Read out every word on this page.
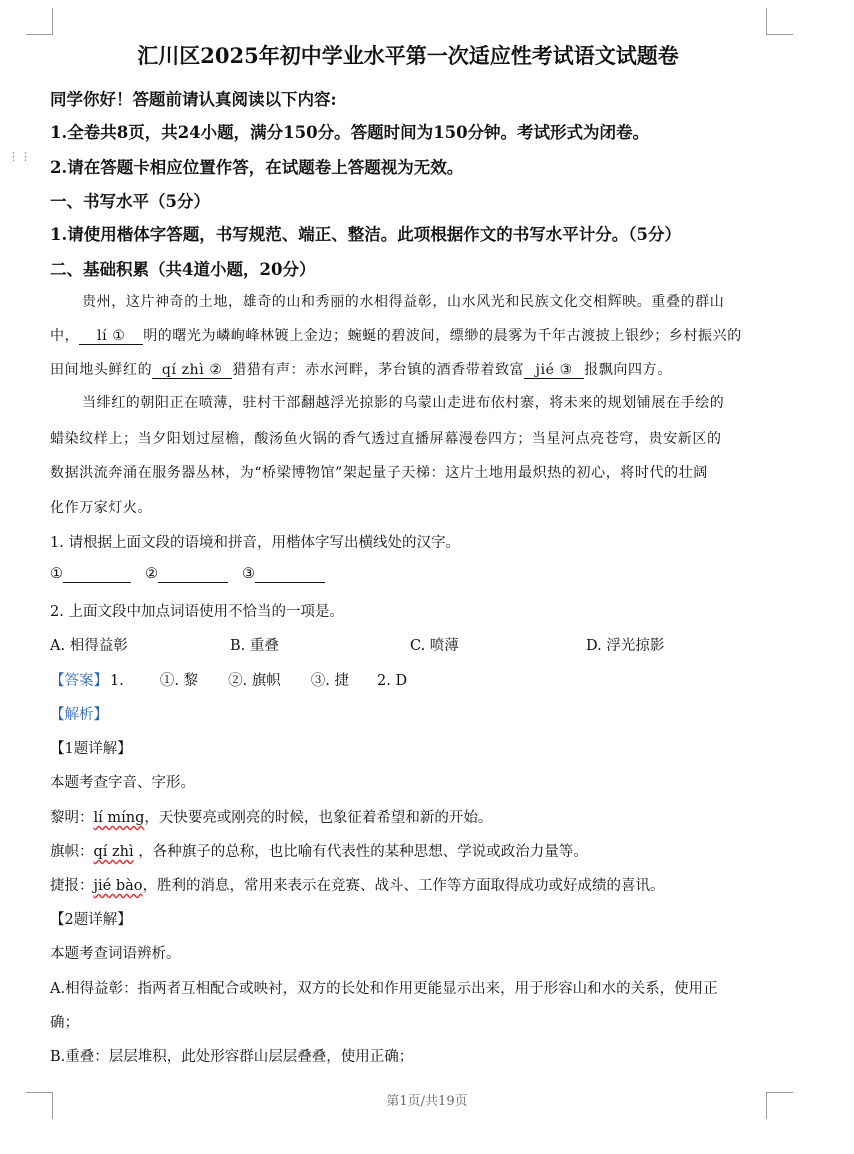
⋮⋮
汇川区2025年初中学业水平第一次适应性考试语文试题卷
同学你好！答题前请认真阅读以下内容:
1.全卷共8页，共24小题，满分150分。答题时间为150分钟。考试形式为闭卷。
2.请在答题卡相应位置作答，在试题卷上答题视为无效。
一、书写水平（5分）
1.请使用楷体字答题，书写规范、端正、整洁。此项根据作文的书写水平计分。（5分）
二、基础积累（共4道小题，20分）
贵州，这片神奇的土地，雄奇的山和秀丽的水相得益彰，山水风光和民族文化交相辉映。重叠的群山
中， lí ① 明的曙光为嶙峋峰林镀上金边；蜿蜒的碧波间，缥缈的晨雾为千年古渡披上银纱；乡村振兴的
田间地头鲜红的 qí zhì ② 猎猎有声：赤水河畔，茅台镇的酒香带着致富 jié ③ 报飘向四方。
当绯红的朝阳正在喷薄，驻村干部翻越浮光掠影的乌蒙山走进布依村寨，将未来的规划铺展在手绘的
蜡染纹样上；当夕阳划过屋檐，酸汤鱼火锅的香气透过直播屏幕漫卷四方；当星河点亮苍穹，贵安新区的
数据洪流奔涌在服务器丛林，为“桥梁博物馆”架起量子天梯：这片土地用最炽热的初心，将时代的壮阔
化作万家灯火。
1. 请根据上面文段的语境和拼音，用楷体字写出横线处的汉字。
①	②	③
2. 上面文段中加点词语使用不恰当的一项是。
A. 相得益彰	B. 重叠	C. 喷薄	D. 浮光掠影
【答案】 1. ①. 黎 ②. 旗帜 ③. 捷 2. D
【解析】
【1题详解】
本题考查字音、字形。
黎明：lí míng，天快要亮或刚亮的时候，也象征着希望和新的开始。
旗帜：qí zhì ，各种旗子的总称，也比喻有代表性的某种思想、学说或政治力量等。
捷报：jié bào，胜利的消息，常用来表示在竞赛、战斗、工作等方面取得成功或好成绩的喜讯。
【2题详解】
本题考查词语辨析。
A.相得益彰：指两者互相配合或映衬，双方的长处和作用更能显示出来，用于形容山和水的关系，使用正
确；
B.重叠：层层堆积，此处形容群山层层叠叠，使用正确；
第1页/共19页
